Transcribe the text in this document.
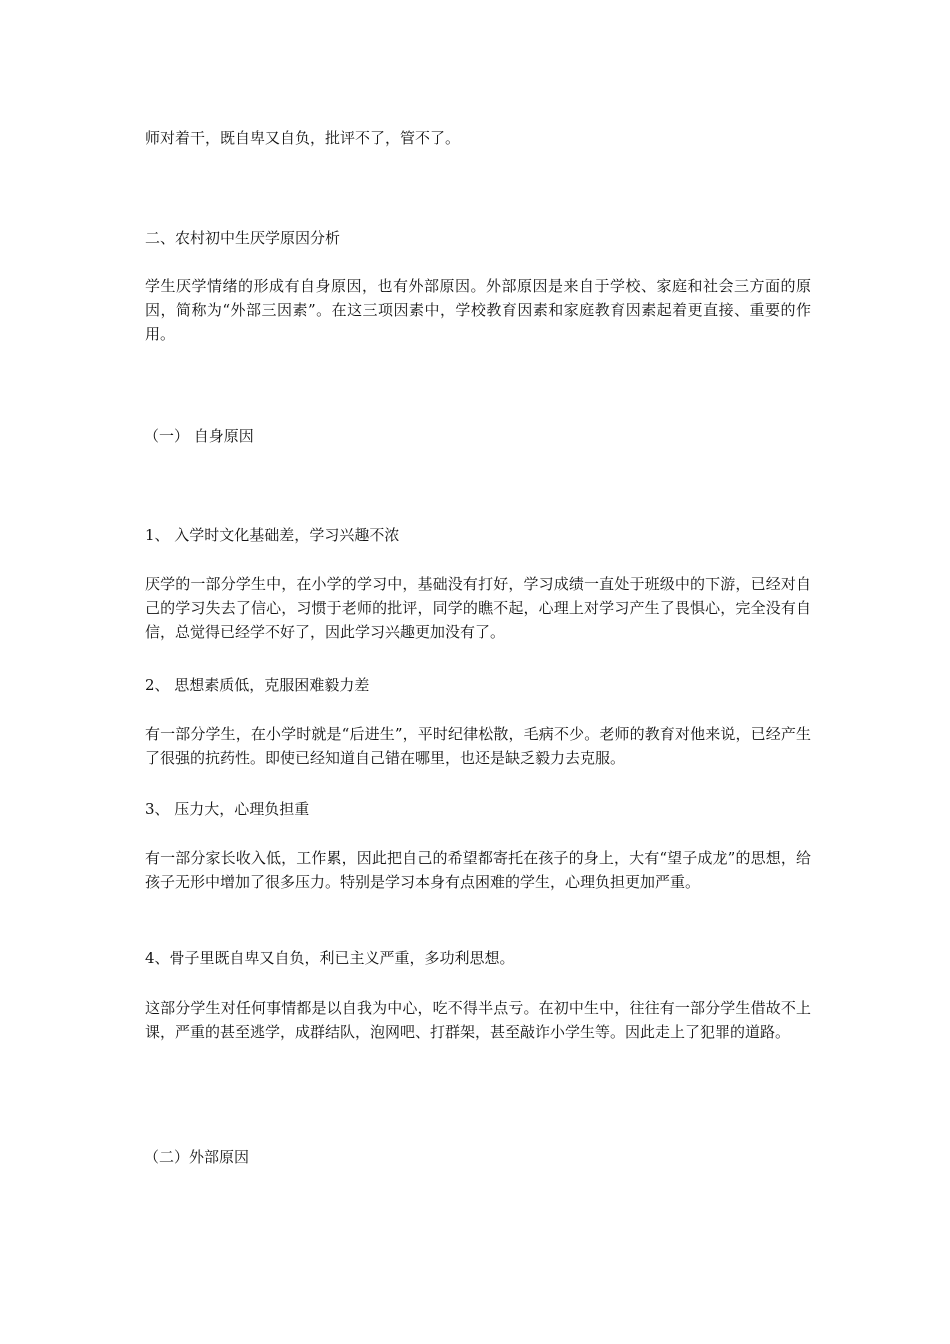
师对着干，既自卑又自负，批评不了，管不了。

二、农村初中生厌学原因分析

学生厌学情绪的形成有自身原因，也有外部原因。外部原因是来自于学校、家庭和社会三方面的原因，简称为“外部三因素”。在这三项因素中，学校教育因素和家庭教育因素起着更直接、重要的作用。

（一） 自身原因

1、 入学时文化基础差，学习兴趣不浓

厌学的一部分学生中，在小学的学习中，基础没有打好，学习成绩一直处于班级中的下游，已经对自己的学习失去了信心，习惯于老师的批评，同学的瞧不起，心理上对学习产生了畏惧心，完全没有自信，总觉得已经学不好了，因此学习兴趣更加没有了。

2、 思想素质低，克服困难毅力差

有一部分学生，在小学时就是“后进生”，平时纪律松散，毛病不少。老师的教育对他来说，已经产生了很强的抗药性。即使已经知道自己错在哪里，也还是缺乏毅力去克服。

3、 压力大，心理负担重

有一部分家长收入低，工作累，因此把自己的希望都寄托在孩子的身上，大有“望子成龙”的思想，给孩子无形中增加了很多压力。特别是学习本身有点困难的学生，心理负担更加严重。

4、骨子里既自卑又自负，利已主义严重，多功利思想。

这部分学生对任何事情都是以自我为中心，吃不得半点亏。在初中生中，往往有一部分学生借故不上课，严重的甚至逃学，成群结队，泡网吧、打群架，甚至敲诈小学生等。因此走上了犯罪的道路。

（二）外部原因
